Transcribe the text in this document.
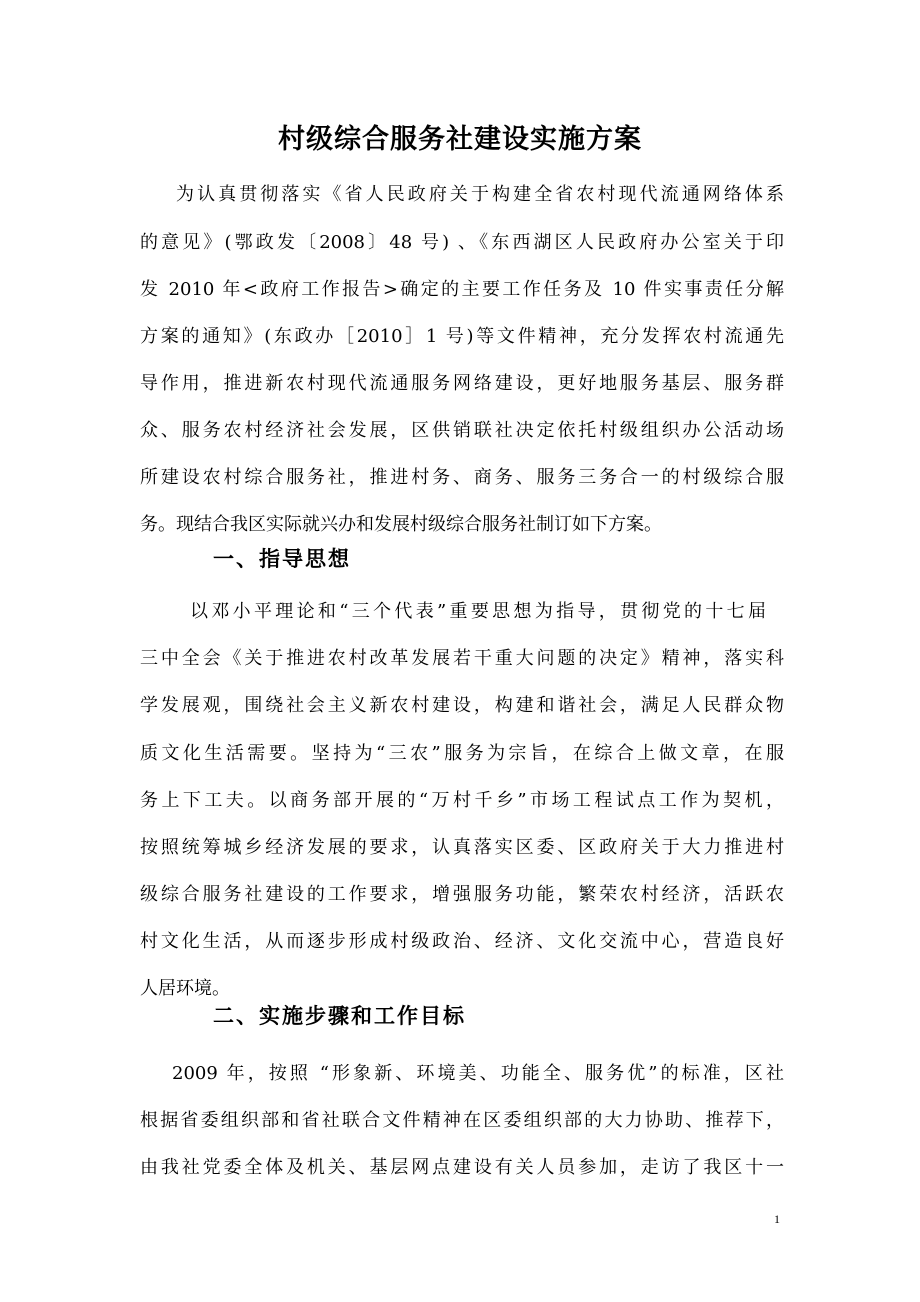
村级综合服务社建设实施方案
为认真贯彻落实《省人民政府关于构建全省农村现代流通网络体系
的意见》(鄂政发〔2008〕48 号) 、《东西湖区人民政府办公室关于印
发 2010 年<政府工作报告>确定的主要工作任务及 10 件实事责任分解
方案的通知》(东政办［2010］1 号)等文件精神，充分发挥农村流通先
导作用，推进新农村现代流通服务网络建设，更好地服务基层、服务群
众、服务农村经济社会发展，区供销联社决定依托村级组织办公活动场
所建设农村综合服务社，推进村务、商务、服务三务合一的村级综合服
务。现结合我区实际就兴办和发展村级综合服务社制订如下方案。
一、指导思想
以邓小平理论和“三个代表”重要思想为指导，贯彻党的十七届
三中全会《关于推进农村改革发展若干重大问题的决定》精神，落实科
学发展观，围绕社会主义新农村建设，构建和谐社会，满足人民群众物
质文化生活需要。坚持为“三农”服务为宗旨，在综合上做文章，在服
务上下工夫。以商务部开展的“万村千乡”市场工程试点工作为契机，
按照统筹城乡经济发展的要求，认真落实区委、区政府关于大力推进村
级综合服务社建设的工作要求，增强服务功能，繁荣农村经济，活跃农
村文化生活，从而逐步形成村级政治、经济、文化交流中心，营造良好
人居环境。
二、实施步骤和工作目标
2009 年，按照 “形象新、环境美、功能全、服务优”的标准，区社
根据省委组织部和省社联合文件精神在区委组织部的大力协助、推荐下，
由我社党委全体及机关、基层网点建设有关人员参加，走访了我区十一
1
